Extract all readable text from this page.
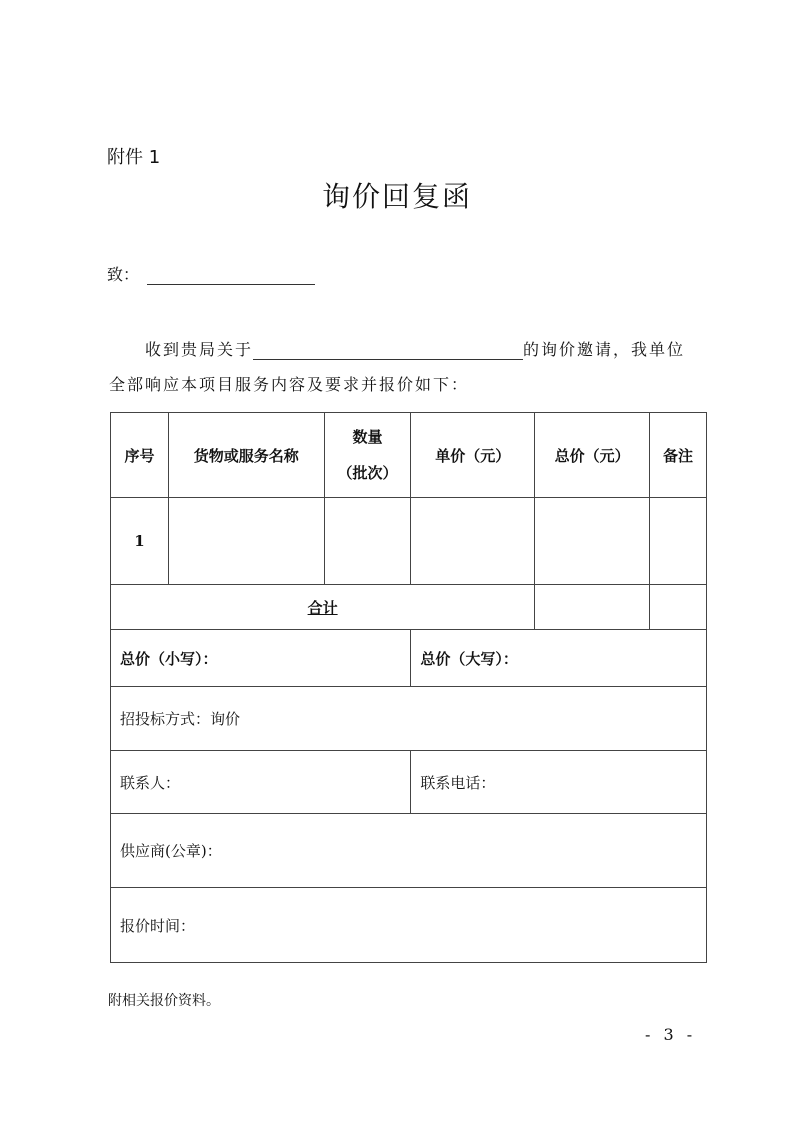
附件 1
询价回复函
致：
收到贵局关于	的询价邀请，我单位
全部响应本项目服务内容及要求并报价如下：
序号	货物或服务名称	数量
（批次）	单价（元）	总价（元）	备注
1					
合计					
总价（小写）：			总价（大写）：		
招投标方式：询价					
联系人：			联系电话：		
供应商(公章)：					
报价时间：					
附相关报价资料。
- 3 -
